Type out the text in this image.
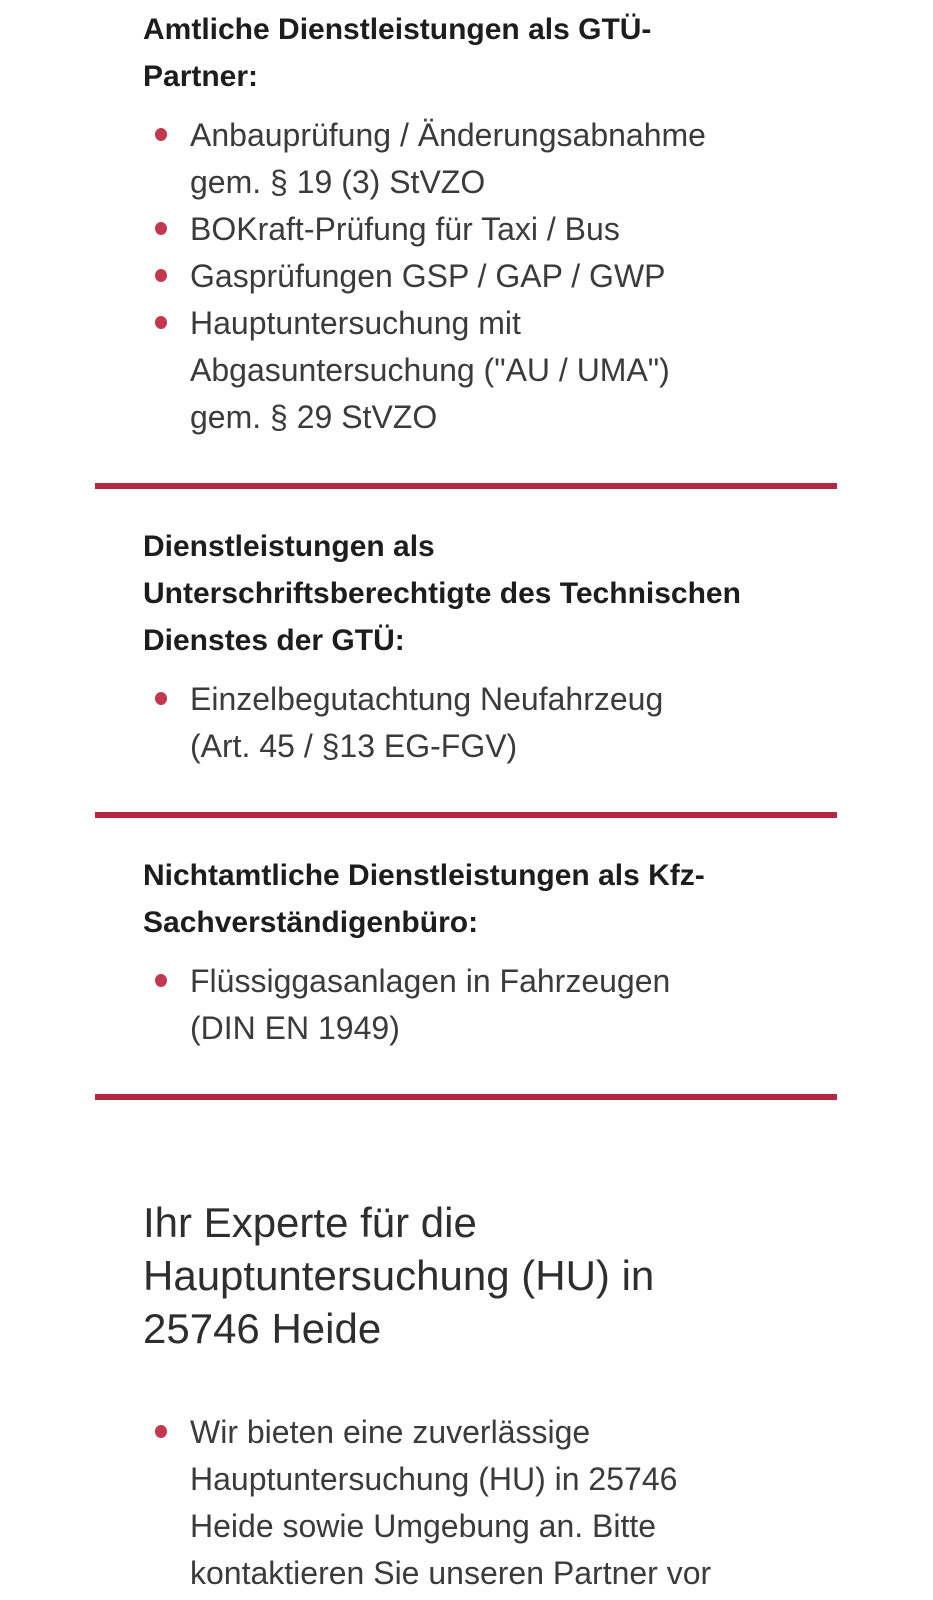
Amtliche Dienstleistungen als GTÜ-Partner:
Anbauprüfung / Änderungsabnahme gem. § 19 (3) StVZO
BOKraft-Prüfung für Taxi / Bus
Gasprüfungen GSP / GAP / GWP
Hauptuntersuchung mit Abgasuntersuchung ("AU / UMA") gem. § 29 StVZO
Dienstleistungen als Unterschriftsberechtigte des Technischen Dienstes der GTÜ:
Einzelbegutachtung Neufahrzeug (Art. 45 / §13 EG-FGV)
Nichtamtliche Dienstleistungen als Kfz-Sachverständigenbüro:
Flüssiggasanlagen in Fahrzeugen (DIN EN 1949)
Ihr Experte für die Hauptuntersuchung (HU) in 25746 Heide
Wir bieten eine zuverlässige Hauptuntersuchung (HU) in 25746 Heide sowie Umgebung an. Bitte kontaktieren Sie unseren Partner vor
